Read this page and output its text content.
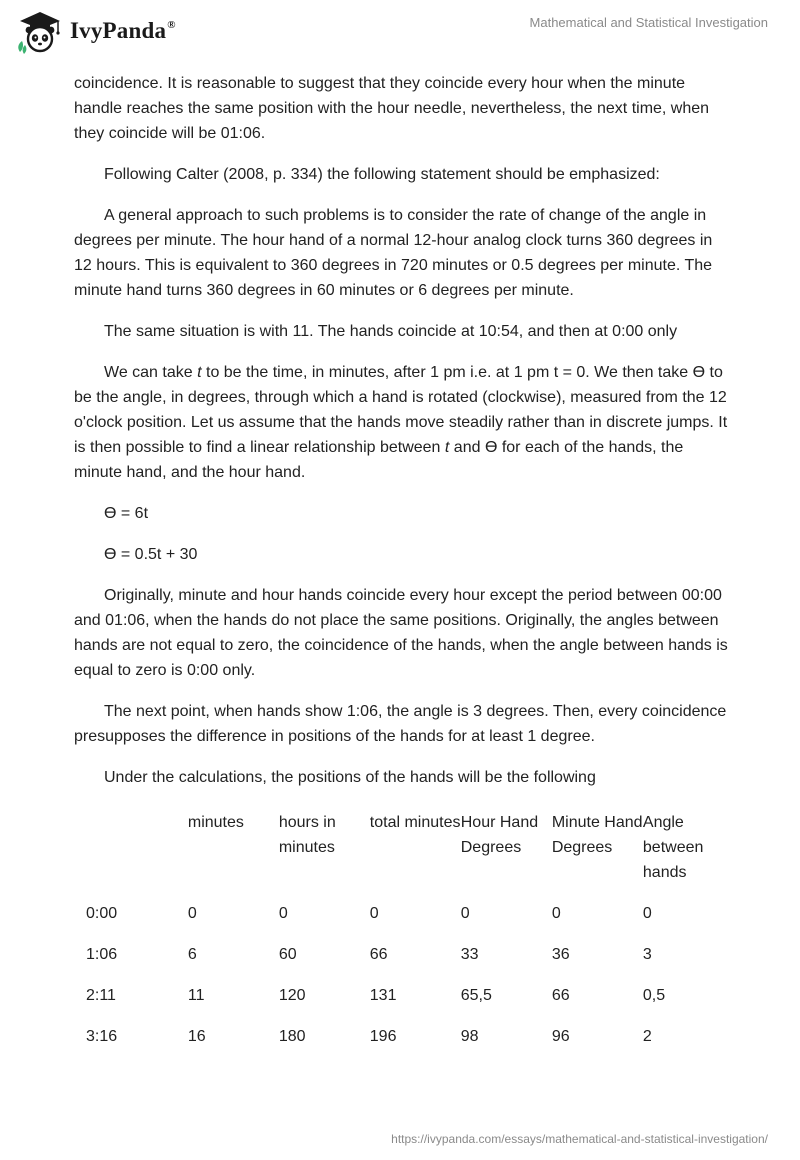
IvyPanda®	Mathematical and Statistical Investigation

coincidence. It is reasonable to suggest that they coincide every hour when the minute handle reaches the same position with the hour needle, nevertheless, the next time, when they coincide will be 01:06.

Following Calter (2008, p. 334) the following statement should be emphasized:

A general approach to such problems is to consider the rate of change of the angle in degrees per minute. The hour hand of a normal 12-hour analog clock turns 360 degrees in 12 hours. This is equivalent to 360 degrees in 720 minutes or 0.5 degrees per minute. The minute hand turns 360 degrees in 60 minutes or 6 degrees per minute.

The same situation is with 11. The hands coincide at 10:54, and then at 0:00 only

We can take t to be the time, in minutes, after 1 pm i.e. at 1 pm t = 0. We then take Ɵ to be the angle, in degrees, through which a hand is rotated (clockwise), measured from the 12 o'clock position. Let us assume that the hands move steadily rather than in discrete jumps. It is then possible to find a linear relationship between t and Ɵ for each of the hands, the minute hand, and the hour hand.

Ɵ = 6t

Ɵ = 0.5t + 30

Originally, minute and hour hands coincide every hour except the period between 00:00 and 01:06, when the hands do not place the same positions. Originally, the angles between hands are not equal to zero, the coincidence of the hands, when the angle between hands is equal to zero is 0:00 only.

The next point, when hands show 1:06, the angle is 3 degrees. Then, every coincidence presupposes the difference in positions of the hands for at least 1 degree.

Under the calculations, the positions of the hands will be the following

	minutes	hours in minutes	total minutes	Hour Hand Degrees	Minute Hand Degrees	Angle between hands
0:00	0	0	0	0	0	0
1:06	6	60	66	33	36	3
2:11	11	120	131	65,5	66	0,5
3:16	16	180	196	98	96	2
https://ivypanda.com/essays/mathematical-and-statistical-investigation/
